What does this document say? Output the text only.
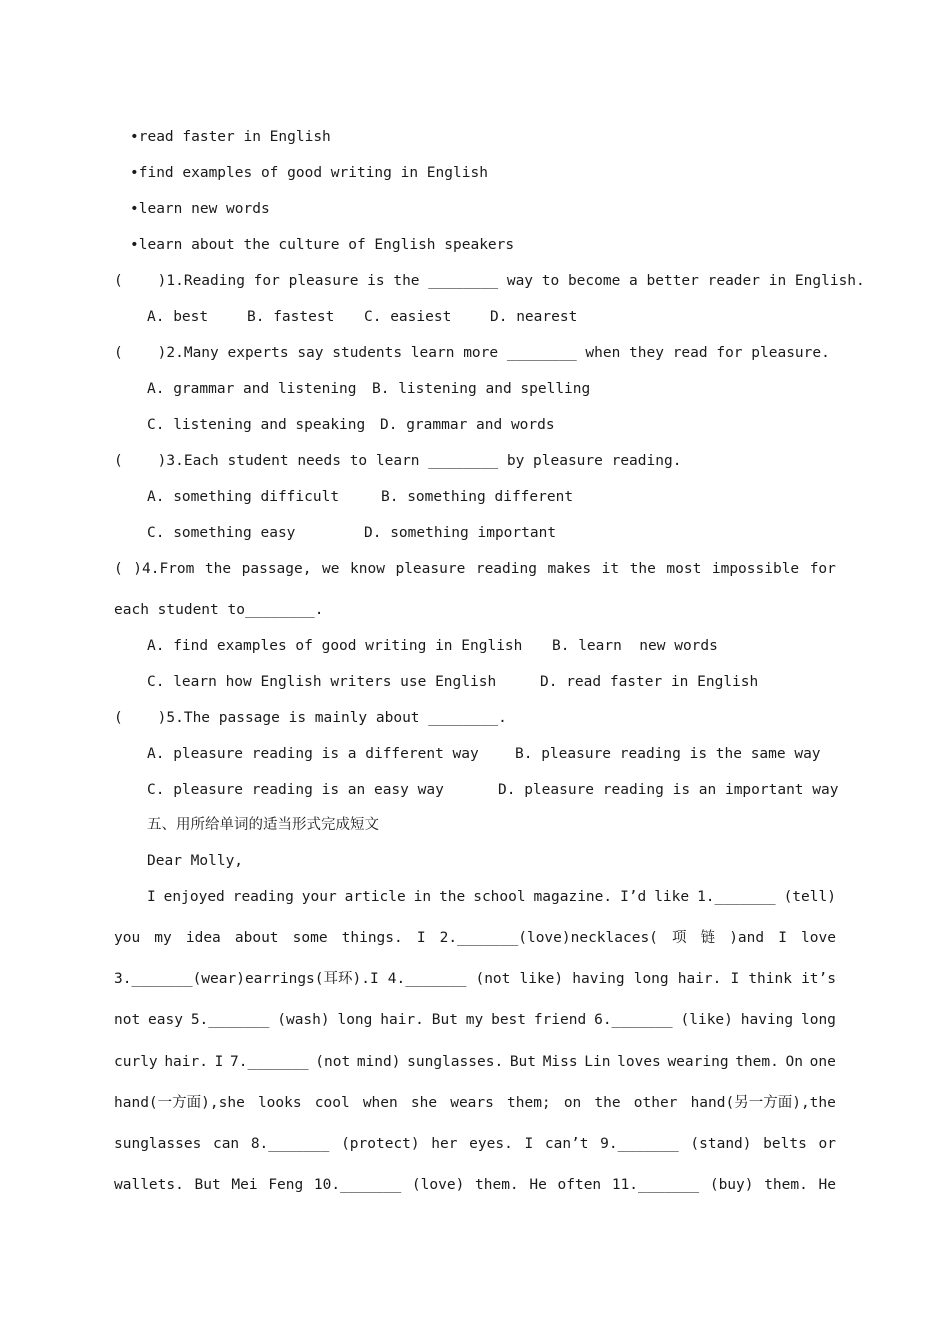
•read faster in English
•find examples of good writing in English
•learn new words
•learn about the culture of English speakers
(    )1.Reading for pleasure is the ________ way to become a better reader in English.
A. best	B. fastest C. easiest	D. nearest
(    )2.Many experts say students learn more ________ when they read for pleasure.
A. grammar and listening B. listening and spelling
C. listening and speaking D. grammar and words
(    )3.Each student needs to learn ________ by pleasure reading.
A. something difficult	B. something different
C. something easy	D. something important
( )4.From the passage, we know pleasure reading makes it the most impossible for
each student to________.
A. find examples of good writing in English B. learn  new words
C. learn how English writers use English	D. read faster in English
(    )5.The passage is mainly about ________.
A. pleasure reading is a different way	B. pleasure reading is the same way
C. pleasure reading is an easy way	D. pleasure reading is an important way
五、用所给单词的适当形式完成短文
Dear Molly,
I enjoyed reading your article in the school magazine. I’d like 1._______ (tell)
you my idea about some things. I 2._______(love)necklaces( 项 链 )and I love
3._______(wear)earrings(耳环).I 4._______ (not like) having long hair. I think it’s
not easy 5._______ (wash) long hair. But my best friend 6._______ (like) having long
curly hair. I 7._______ (not mind) sunglasses. But Miss Lin loves wearing them. On one
hand(一方面),she looks cool when she wears them; on the other hand(另一方面),the
sunglasses can 8._______ (protect) her eyes. I can’t 9._______ (stand) belts or
wallets. But Mei Feng 10._______ (love) them. He often 11._______ (buy) them. He
